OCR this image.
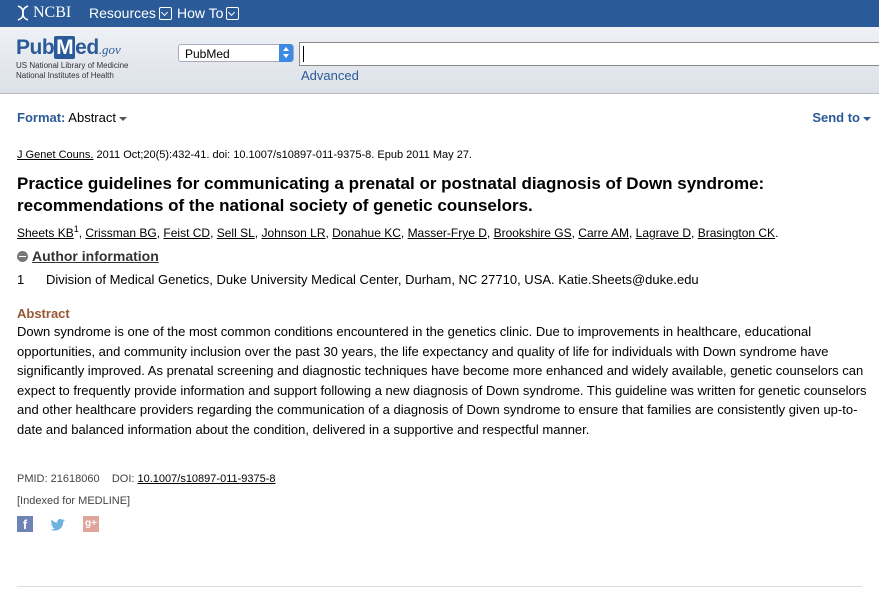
NCBI Resources How To
PubMed.gov
US National Library of Medicine
National Institutes of Health
PubMed
Advanced
Format: Abstract	Send to
J Genet Couns. 2011 Oct;20(5):432-41. doi: 10.1007/s10897-011-9375-8. Epub 2011 May 27.
Practice guidelines for communicating a prenatal or postnatal diagnosis of Down syndrome: recommendations of the national society of genetic counselors.
Sheets $KB^1$, Crissman BG, Feist CD, Sell SL, Johnson LR, Donahue KC, Masser-Frye D, Brookshire GS, Carre AM, Lagrave D, Brasington CK.
Author information
1	Division of Medical Genetics, Duke University Medical Center, Durham, NC 27710, USA. Katie.Sheets@duke.edu
Abstract

Down syndrome is one of the most common conditions encountered in the genetics clinic. Due to improvements in healthcare, educational opportunities, and community inclusion over the past 30 years, the life expectancy and quality of life for individuals with Down syndrome have significantly improved. As prenatal screening and diagnostic techniques have become more enhanced and widely available, genetic counselors can expect to frequently provide information and support following a new diagnosis of Down syndrome. This guideline was written for genetic counselors and other healthcare providers regarding the communication of a diagnosis of Down syndrome to ensure that families are consistently given up-to-date and balanced information about the condition, delivered in a supportive and respectful manner.

PMID: 21618060 DOI: 10.1007/s10897-011-9375-8
[Indexed for MEDLINE]
f	g+
